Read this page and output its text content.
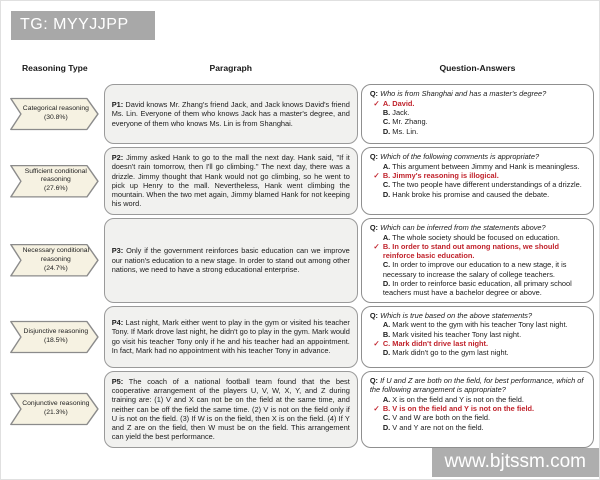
TG: MYYJJPP
Reasoning Type	Paragraph	Question-Answers
Categorical reasoning
(30.8%)
P1: David knows Mr. Zhang's friend Jack, and Jack knows David's friend Ms. Lin. Everyone of them who knows Jack has a master's degree, and everyone of them who knows Ms. Lin is from Shanghai.
Q: Who is from Shanghai and has a master's degree?
✓ A. David.
B. Jack.
C. Mr. Zhang.
D. Ms. Lin.
Sufficient conditional reasoning
(27.6%)
P2: Jimmy asked Hank to go to the mall the next day. Hank said, "If it doesn't rain tomorrow, then I'll go climbing." The next day, there was a drizzle. Jimmy thought that Hank would not go climbing, so he went to pick up Henry to the mall. Nevertheless, Hank went climbing the mountain. When the two met again, Jimmy blamed Hank for not keeping his word.
Q: Which of the following comments is appropriate?
A. This argument between Jimmy and Hank is meaningless.
✓ B. Jimmy's reasoning is illogical.
C. The two people have different understandings of a drizzle.
D. Hank broke his promise and caused the debate.
Necessary conditional reasoning
(24.7%)
P3: Only if the government reinforces basic education can we improve our nation's education to a new stage. In order to stand out among other nations, we need to have a strong educational enterprise.
Q: Which can be inferred from the statements above?
A. The whole society should be focused on education.
✓ B. In order to stand out among nations, we should reinforce basic education.
C. In order to improve our education to a new stage, it is necessary to increase the salary of college teachers.
D. In order to reinforce basic education, all primary school teachers must have a bachelor degree or above.
Disjunctive reasoning
(18.5%)
P4: Last night, Mark either went to play in the gym or visited his teacher Tony. If Mark drove last night, he didn't go to play in the gym. Mark would go visit his teacher Tony only if he and his teacher had an appointment. In fact, Mark had no appointment with his teacher Tony in advance.
Q: Which is true based on the above statements?
A. Mark went to the gym with his teacher Tony last night.
B. Mark visited his teacher Tony last night.
✓ C. Mark didn't drive last night.
D. Mark didn't go to the gym last night.
Conjunctive reasoning
(21.3%)
P5: The coach of a national football team found that the best cooperative arrangement of the players U, V, W, X, Y, and Z during training are: (1) V and X can not be on the field at the same time, and neither can be off the field the same time. (2) V is not on the field only if U is not on the field. (3) If W is on the field, then X is on the field. (4) If Y and Z are on the field, then W must be on the field. This arrangement can yield the best performance.
Q: If U and Z are both on the field, for best performance, which of the following arrangement is appropriate?
A. X is on the field and Y is not on the field.
✓ B. V is on the field and Y is not on the field.
C. V and W are both on the field.
D. V and Y are not on the field.
www.bjtssm.com
